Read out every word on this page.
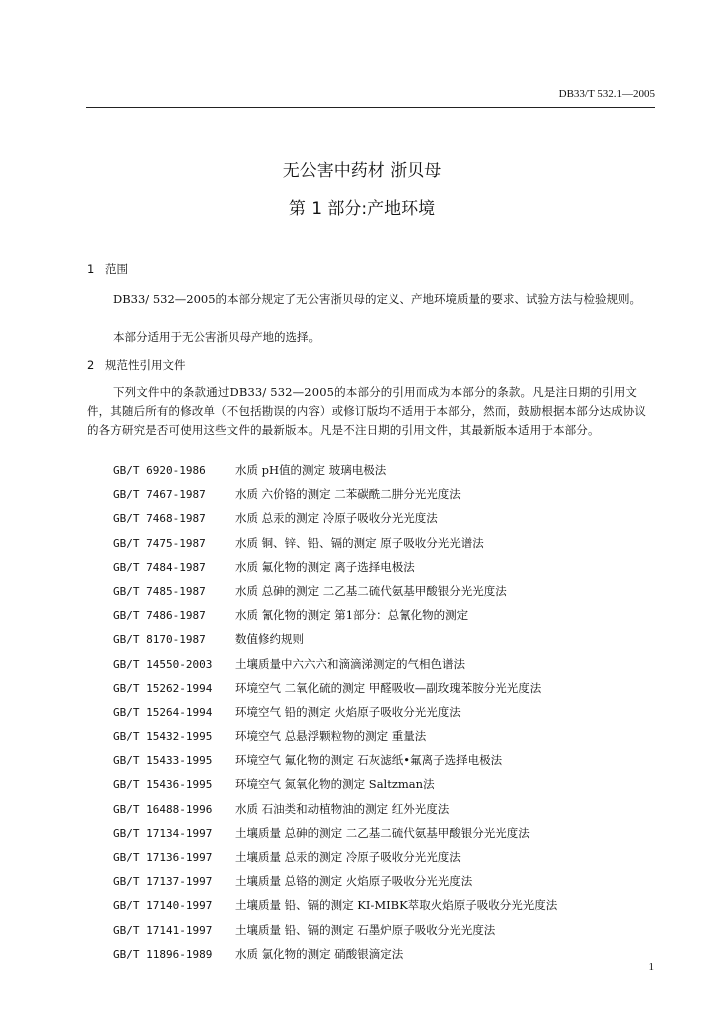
DB33/T 532.1—2005
无公害中药材 浙贝母
第 1 部分:产地环境
1 范围
DB33/ 532—2005的本部分规定了无公害浙贝母的定义、产地环境质量的要求、试验方法与检验规则。
本部分适用于无公害浙贝母产地的选择。
2 规范性引用文件
下列文件中的条款通过DB33/ 532—2005的本部分的引用而成为本部分的条款。凡是注日期的引用文件，其随后所有的修改单（不包括勘误的内容）或修订版均不适用于本部分，然而，鼓励根据本部分达成协议的各方研究是否可使用这些文件的最新版本。凡是不注日期的引用文件，其最新版本适用于本部分。
GB/T 6920-1986	水质 pH值的测定 玻璃电极法
GB/T 7467-1987	水质 六价铬的测定 二苯碳酰二肼分光光度法
GB/T 7468-1987	水质 总汞的测定 冷原子吸收分光光度法
GB/T 7475-1987	水质 铜、锌、铅、镉的测定 原子吸收分光光谱法
GB/T 7484-1987	水质 氟化物的测定 离子选择电极法
GB/T 7485-1987	水质 总砷的测定 二乙基二硫代氨基甲酸银分光光度法
GB/T 7486-1987	水质 氰化物的测定 第1部分：总氰化物的测定
GB/T 8170-1987	数值修约规则
GB/T 14550-2003 土壤质量中六六六和滴滴涕测定的气相色谱法
GB/T 15262-1994 环境空气 二氧化硫的测定 甲醛吸收—副玫瑰苯胺分光光度法
GB/T 15264-1994 环境空气 铅的测定 火焰原子吸收分光光度法
GB/T 15432-1995 环境空气 总悬浮颗粒物的测定 重量法
GB/T 15433-1995 环境空气 氟化物的测定 石灰滤纸•氟离子选择电极法
GB/T 15436-1995 环境空气 氮氧化物的测定 Saltzman法
GB/T 16488-1996 水质 石油类和动植物油的测定 红外光度法
GB/T 17134-1997 土壤质量 总砷的测定 二乙基二硫代氨基甲酸银分光光度法
GB/T 17136-1997 土壤质量 总汞的测定 冷原子吸收分光光度法
GB/T 17137-1997 土壤质量 总铬的测定 火焰原子吸收分光光度法
GB/T 17140-1997土壤质量 铅、镉的测定 KI-MIBK萃取火焰原子吸收分光光度法
GB/T 17141-1997 土壤质量 铅、镉的测定 石墨炉原子吸收分光光度法
GB/T 11896-1989 水质 氯化物的测定 硝酸银滴定法
1
